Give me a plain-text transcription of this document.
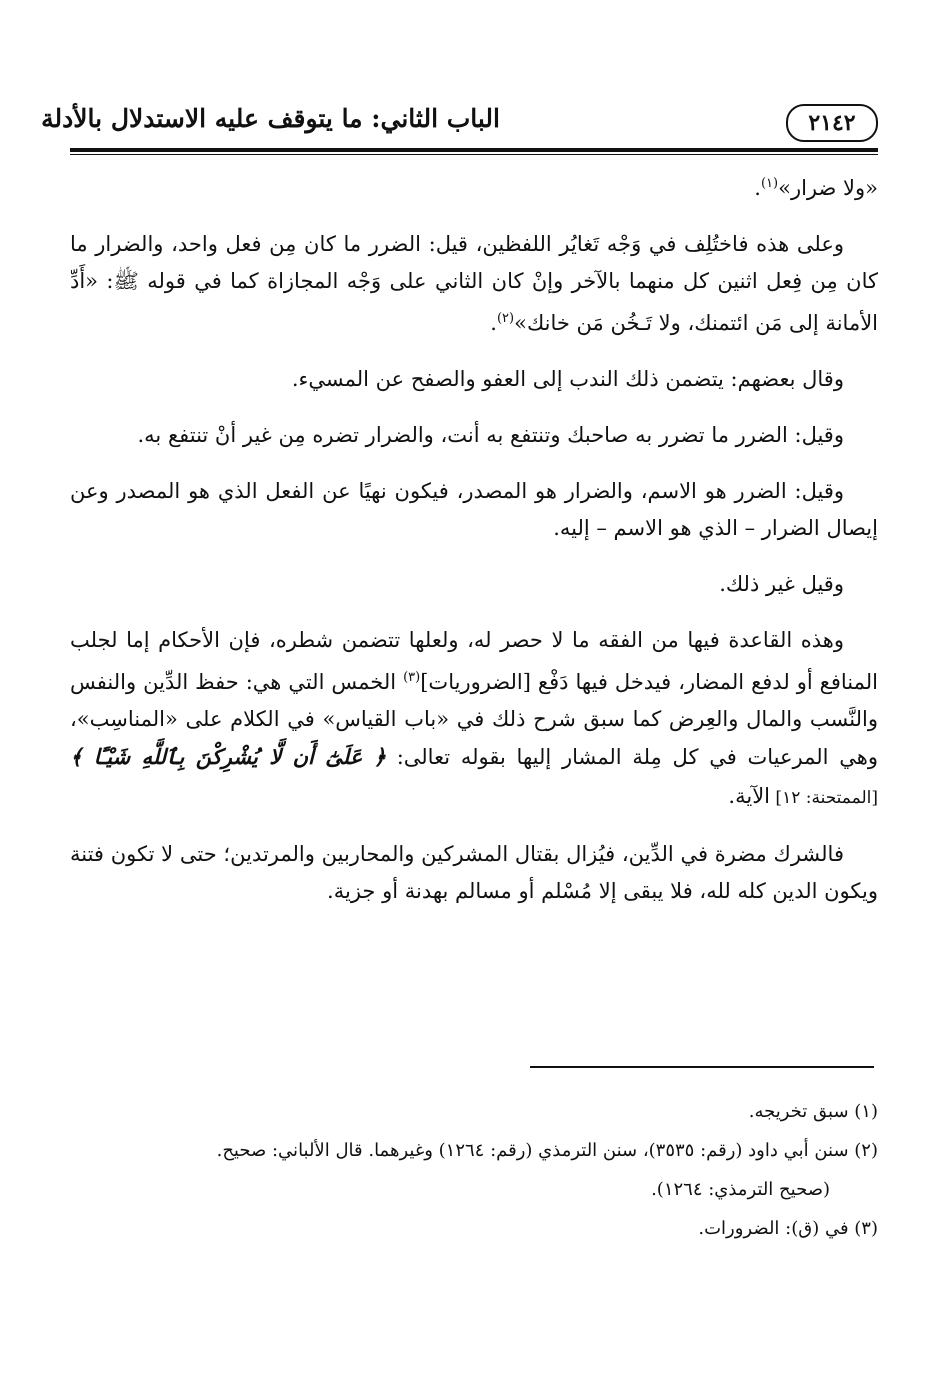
الباب الثاني: ما يتوقف عليه الاستدلال بالأدلة	٢١٤٢

«ولا ضرار»$^{(١)}$.

وعلى هذه فاختُلِف في وَجْه تَغايُر اللفظين، قيل: الضرر ما كان مِن فعل واحد، والضرار ما كان مِن فِعل اثنين كل منهما بالآخر وإنْ كان الثاني على وَجْه المجازاة كما في قوله ﷺ: «أَدِّ الأمانة إلى مَن ائتمنك، ولا تَـخُن مَن خانك»$^{(٢)}$.

وقال بعضهم: يتضمن ذلك الندب إلى العفو والصفح عن المسيء.

وقيل: الضرر ما تضرر به صاحبك وتنتفع به أنت، والضرار تضره مِن غير أنْ تنتفع به.

وقيل: الضرر هو الاسم، والضرار هو المصدر، فيكون نهيًا عن الفعل الذي هو المصدر وعن إيصال الضرار – الذي هو الاسم – إليه.

وقيل غير ذلك.

وهذه القاعدة فيها من الفقه ما لا حصر له، ولعلها تتضمن شطره، فإن الأحكام إما لجلب المنافع أو لدفع المضار، فيدخل فيها دَفْع [الضروريات]$^{(٣)}$ الخمس التي هي: حفظ الدِّين والنفس والنَّسب والمال والعِرض كما سبق شرح ذلك في «باب القياس» في الكلام على «المناسِب»، وهي المرعيات في كل مِلة المشار إليها بقوله تعالى: ﴿ عَلَىٰٓ أَن لَّا يُشْرِكْنَ بِٱللَّهِ شَيْـًٔا ﴾ [الممتحنة: ١٢] الآية.

فالشرك مضرة في الدِّين، فيُزال بقتال المشركين والمحاربين والمرتدين؛ حتى لا تكون فتنة ويكون الدين كله لله، فلا يبقى إلا مُسْلم أو مسالم بهدنة أو جزية.

(١) سبق تخريجه.

(٢) سنن أبي داود (رقم: ٣٥٣٥)، سنن الترمذي (رقم: ١٢٦٤) وغيرهما. قال الألباني: صحيح.

(صحيح الترمذي: ١٢٦٤).

(٣) في (ق): الضرورات.
